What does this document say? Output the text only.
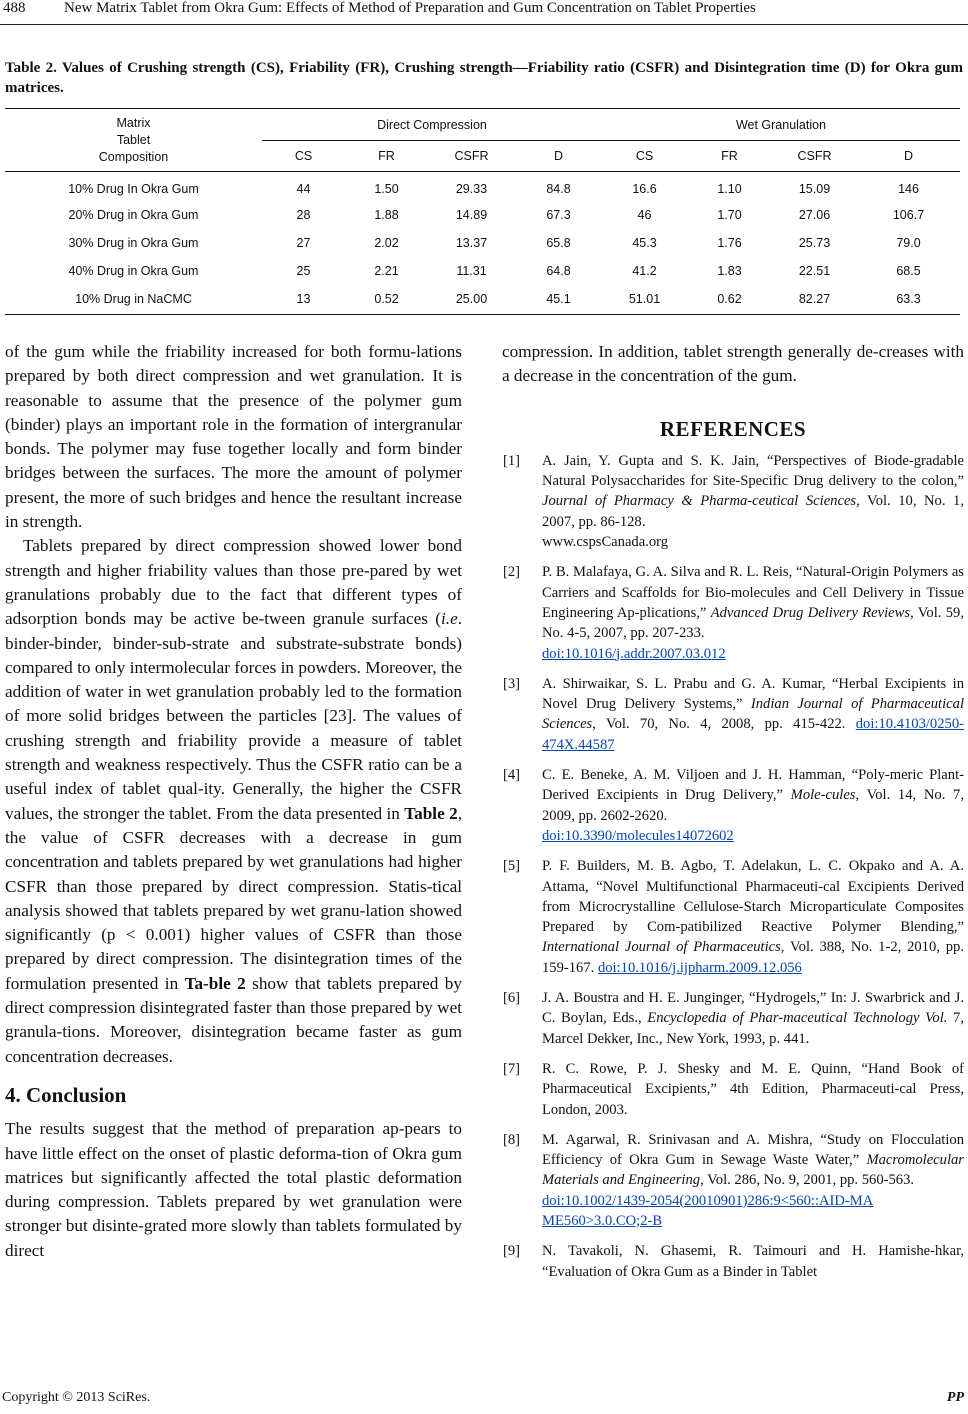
488	New Matrix Tablet from Okra Gum: Effects of Method of Preparation and Gum Concentration on Tablet Properties
Table 2. Values of Crushing strength (CS), Friability (FR), Crushing strength—Friability ratio (CSFR) and Disintegration time (D) for Okra gum matrices.
Matrix
Tablet
Composition	Direct Compression				Wet Granulation			
	CS	FR	CSFR	D	CS	FR	CSFR	D
10% Drug In Okra Gum	44	1.50	29.33	84.8	16.6	1.10	15.09	146
20% Drug in Okra Gum	28	1.88	14.89	67.3	46	1.70	27.06	106.7
30% Drug in Okra Gum	27	2.02	13.37	65.8	45.3	1.76	25.73	79.0
40% Drug in Okra Gum	25	2.21	11.31	64.8	41.2	1.83	22.51	68.5
10% Drug in NaCMC	13	0.52	25.00	45.1	51.01	0.62	82.27	63.3

of the gum while the friability increased for both formu-lations prepared by both direct compression and wet granulation. It is reasonable to assume that the presence of the polymer gum (binder) plays an important role in the formation of intergranular bonds. The polymer may fuse together locally and form binder bridges between the surfaces. The more the amount of polymer present, the more of such bridges and hence the resultant increase in strength.

Tablets prepared by direct compression showed lower bond strength and higher friability values than those pre-pared by wet granulations probably due to the fact that different types of adsorption bonds may be active be-tween granule surfaces (i.e. binder-binder, binder-sub-strate and substrate-substrate bonds) compared to only intermolecular forces in powders. Moreover, the addition of water in wet granulation probably led to the formation of more solid bridges between the particles [23]. The values of crushing strength and friability provide a measure of tablet strength and weakness respectively. Thus the CSFR ratio can be a useful index of tablet qual-ity. Generally, the higher the CSFR values, the stronger the tablet. From the data presented in Table 2, the value of CSFR decreases with a decrease in gum concentration and tablets prepared by wet granulations had higher CSFR than those prepared by direct compression. Statis-tical analysis showed that tablets prepared by wet granu-lation showed significantly (p < 0.001) higher values of CSFR than those prepared by direct compression. The disintegration times of the formulation presented in Ta-ble 2 show that tablets prepared by direct compression disintegrated faster than those prepared by wet granula-tions. Moreover, disintegration became faster as gum concentration decreases.

4. Conclusion

The results suggest that the method of preparation ap-pears to have little effect on the onset of plastic deforma-tion of Okra gum matrices but significantly affected the total plastic deformation during compression. Tablets prepared by wet granulation were stronger but disinte-grated more slowly than tablets formulated by direct

compression. In addition, tablet strength generally de-creases with a decrease in the concentration of the gum.

REFERENCES

[1] A. Jain, Y. Gupta and S. K. Jain, “Perspectives of Biode-gradable Natural Polysaccharides for Site-Specific Drug delivery to the colon,” Journal of Pharmacy & Pharma-ceutical Sciences, Vol. 10, No. 1, 2007, pp. 86-128.
www.cspsCanada.org

[2] P. B. Malafaya, G. A. Silva and R. L. Reis, “Natural-Origin Polymers as Carriers and Scaffolds for Bio-molecules and Cell Delivery in Tissue Engineering Ap-plications,” Advanced Drug Delivery Reviews, Vol. 59, No. 4-5, 2007, pp. 207-233.
doi:10.1016/j.addr.2007.03.012

[3] A. Shirwaikar, S. L. Prabu and G. A. Kumar, “Herbal Excipients in Novel Drug Delivery Systems,” Indian Journal of Pharmaceutical Sciences, Vol. 70, No. 4, 2008, pp. 415-422. doi:10.4103/0250-474X.44587

[4] C. E. Beneke, A. M. Viljoen and J. H. Hamman, “Poly-meric Plant-Derived Excipients in Drug Delivery,” Mole-cules, Vol. 14, No. 7, 2009, pp. 2602-2620.
doi:10.3390/molecules14072602

[5] P. F. Builders, M. B. Agbo, T. Adelakun, L. C. Okpako and A. A. Attama, “Novel Multifunctional Pharmaceuti-cal Excipients Derived from Microcrystalline Cellulose-Starch Microparticulate Composites Prepared by Com-patibilized Reactive Polymer Blending,” International Journal of Pharmaceutics, Vol. 388, No. 1-2, 2010, pp. 159-167. doi:10.1016/j.ijpharm.2009.12.056

[6] J. A. Boustra and H. E. Junginger, “Hydrogels,” In: J. Swarbrick and J. C. Boylan, Eds., Encyclopedia of Phar-maceutical Technology Vol. 7, Marcel Dekker, Inc., New York, 1993, p. 441.

[7] R. C. Rowe, P. J. Shesky and M. E. Quinn, “Hand Book of Pharmaceutical Excipients,” 4th Edition, Pharmaceuti-cal Press, London, 2003.

[8] M. Agarwal, R. Srinivasan and A. Mishra, “Study on Flocculation Efficiency of Okra Gum in Sewage Waste Water,” Macromolecular Materials and Engineering, Vol. 286, No. 9, 2001, pp. 560-563.
doi:10.1002/1439-2054(20010901)286:9<560::AID-MA ME560>3.0.CO;2-B

[9] N. Tavakoli, N. Ghasemi, R. Taimouri and H. Hamishe-hkar, “Evaluation of Okra Gum as a Binder in Tablet

Copyright © 2013 SciRes.	PP
